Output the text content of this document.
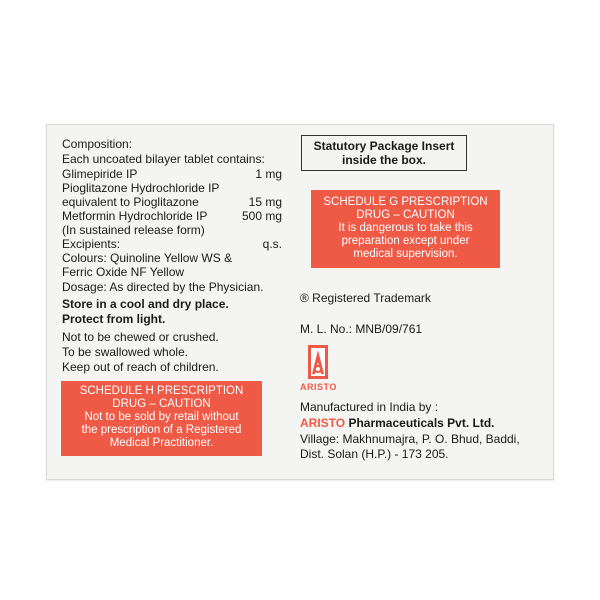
Composition:
Each uncoated bilayer tablet contains:
Glimepiride IP	1 mg
Pioglitazone Hydrochloride IP
equivalent to Pioglitazone	15 mg
Metformin Hydrochloride IP	500 mg
(In sustained release form)
Excipients:	q.s.
Colours: Quinoline Yellow WS &
Ferric Oxide NF Yellow
Dosage: As directed by the Physician.
Store in a cool and dry place.
Protect from light.
Not to be chewed or crushed.
To be swallowed whole.
Keep out of reach of children.
SCHEDULE H PRESCRIPTION
DRUG – CAUTION
Not to be sold by retail without
the prescription of a Registered
Medical Practitioner.
Statutory Package Insert
inside the box.
SCHEDULE G PRESCRIPTION
DRUG – CAUTION
It is dangerous to take this
preparation except under
medical supervision.
® Registered Trademark
M. L. No.: MNB/09/761
ARISTO
Manufactured in India by :
ARISTO Pharmaceuticals Pvt. Ltd.
Village: Makhnumajra, P. O. Bhud, Baddi,
Dist. Solan (H.P.) - 173 205.
